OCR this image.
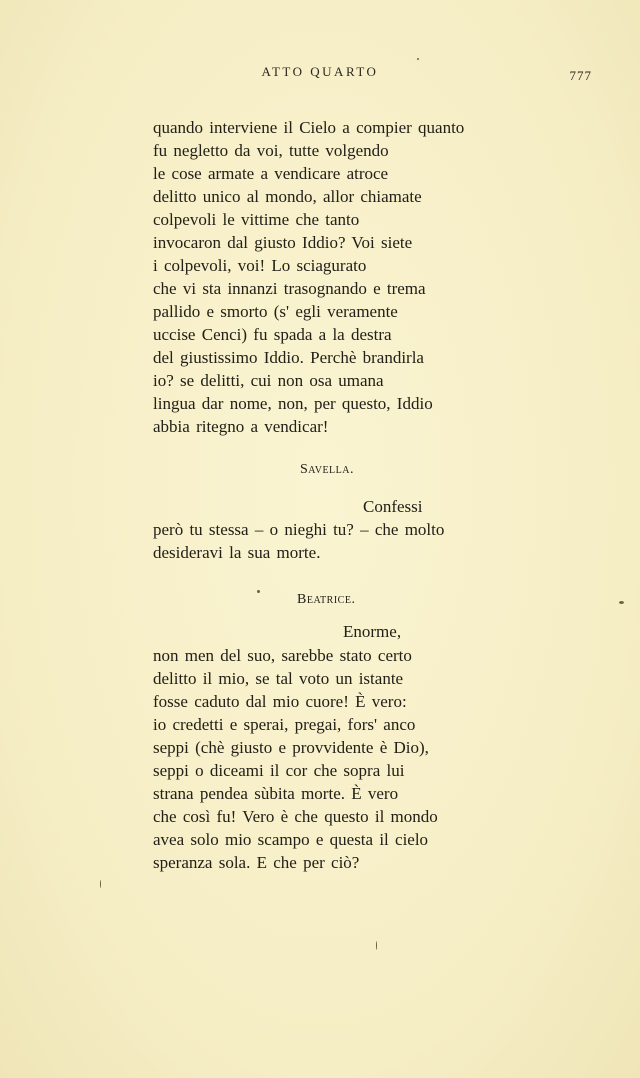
ATTO QUARTO	777
quando interviene il Cielo a compier quanto
fu negletto da voi, tutte volgendo
le cose armate a vendicare atroce
delitto unico al mondo, allor chiamate
colpevoli le vittime che tanto
invocaron dal giusto Iddio? Voi siete
i colpevoli, voi! Lo sciagurato
che vi sta innanzi trasognando e trema
pallido e smorto (s' egli veramente
uccise Cenci) fu spada a la destra
del giustissimo Iddio. Perchè brandirla
io? se delitti, cui non osa umana
lingua dar nome, non, per questo, Iddio
abbia ritegno a vendicar!
Savella.
Confessi
però tu stessa – o nieghi tu? – che molto
desideravi la sua morte.
Beatrice.
Enorme,
non men del suo, sarebbe stato certo
delitto il mio, se tal voto un istante
fosse caduto dal mio cuore! È vero:
io credetti e sperai, pregai, fors' anco
seppi (chè giusto e provvidente è Dio),
seppi o diceami il cor che sopra lui
strana pendea sùbita morte. È vero
che così fu! Vero è che questo il mondo
avea solo mio scampo e questa il cielo
speranza sola. E che per ciò?
